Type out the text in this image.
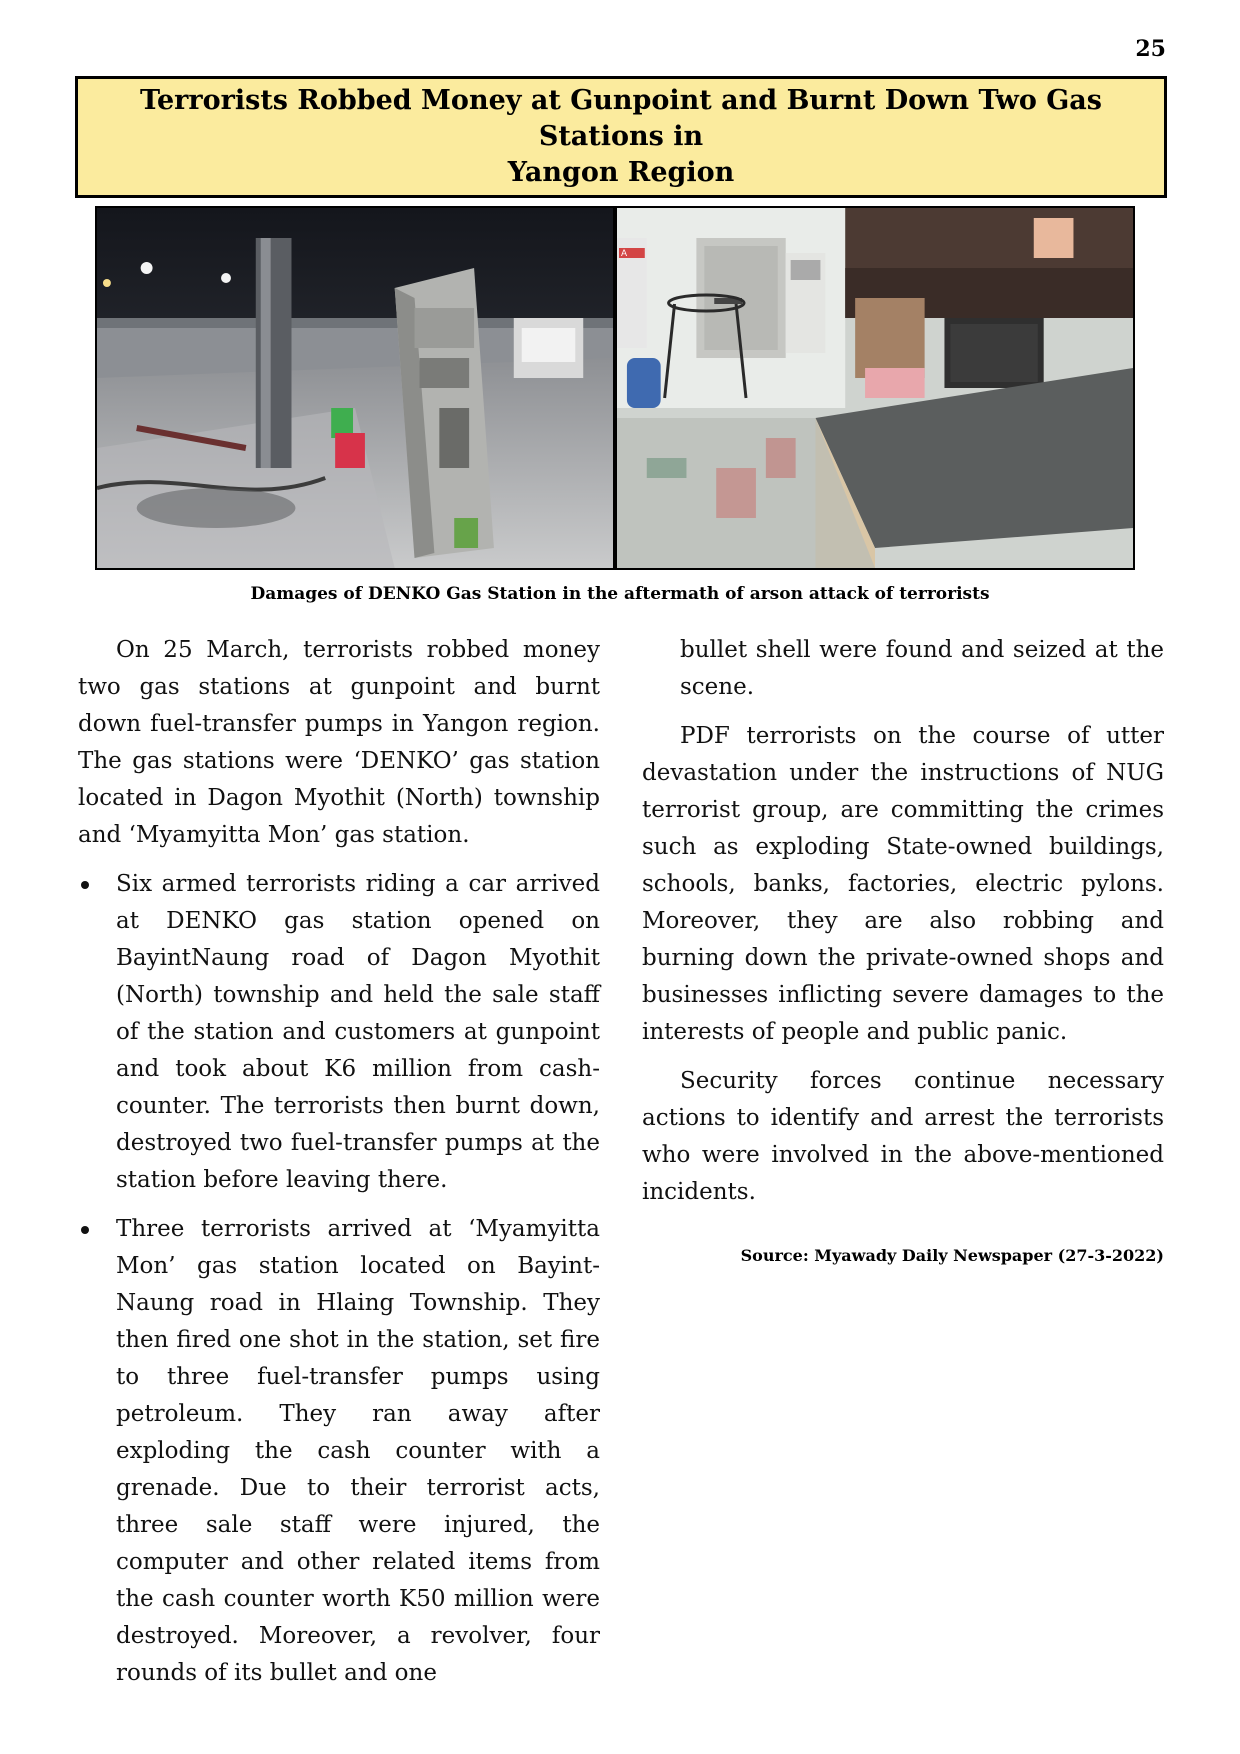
25
Terrorists Robbed Money at Gunpoint and Burnt Down Two Gas Stations in
Yangon Region
A
Damages of DENKO Gas Station in the aftermath of arson attack of terrorists

On 25 March, terrorists robbed money two gas stations at gunpoint and burnt down fuel-transfer pumps in Yangon region. The gas stations were ‘DENKO’ gas station located in Dagon Myothit (North) township and ‘Myamyitta Mon’ gas station.

Six armed terrorists riding a car arrived at DENKO gas station opened on BayintNaung road of Dagon Myothit (North) township and held the sale staff of the station and customers at gunpoint and took about K6 million from cash-counter. The terrorists then burnt down, destroyed two fuel-transfer pumps at the station before leaving there.
Three terrorists arrived at ‘Myamyitta Mon’ gas station located on Bayint-Naung road in Hlaing Township. They then fired one shot in the station, set fire to three fuel-transfer pumps using petroleum. They ran away after exploding the cash counter with a grenade. Due to their terrorist acts, three sale staff were injured, the computer and other related items from the cash counter worth K50 million were destroyed. Moreover, a revolver, four rounds of its bullet and one

bullet shell were found and seized at the scene.

PDF terrorists on the course of utter devastation under the instructions of NUG terrorist group, are committing the crimes such as exploding State-owned buildings, schools, banks, factories, electric pylons. Moreover, they are also robbing and burning down the private-owned shops and businesses inflicting severe damages to the interests of people and public panic.

Security forces continue necessary actions to identify and arrest the terrorists who were involved in the above-mentioned incidents.

Source: Myawady Daily Newspaper (27-3-2022)
